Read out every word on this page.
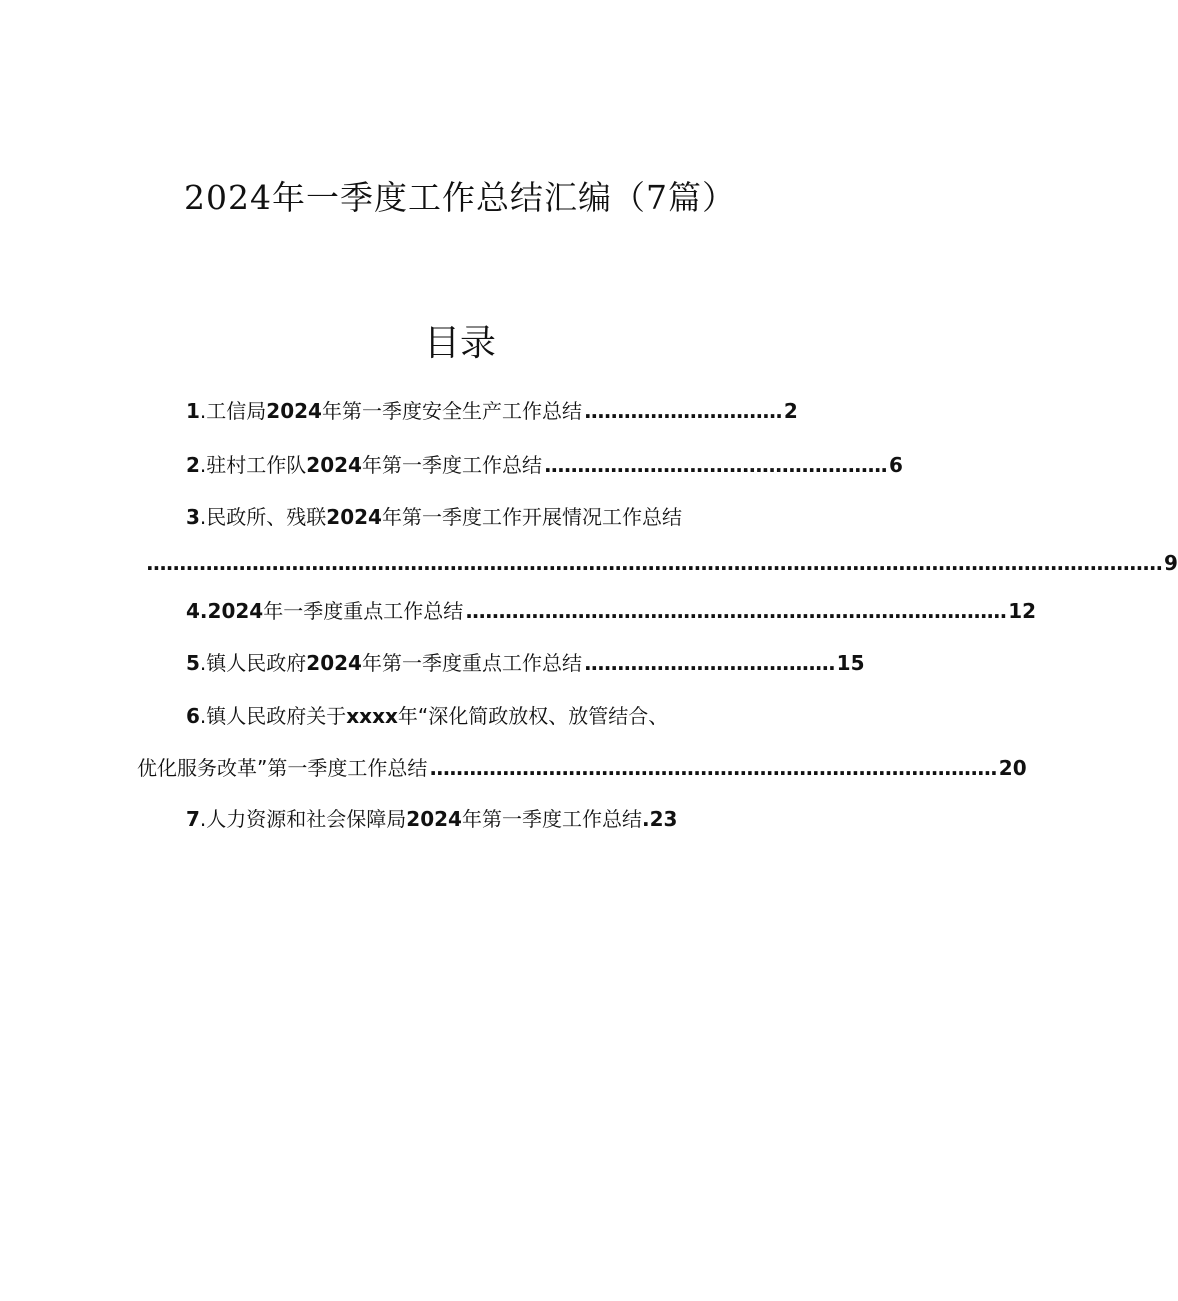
2024年一季度工作总结汇编（7篇）
目录
1 .工信局2024年第一季度安全生产工作总结 .............................. 2
2 .驻村工作队2024年第一季度工作总结 .................................................... 6
3 .民政所、残联2024年第一季度工作开展情况工作总结
.......................................................................................................................................................... 9
4 .2024年一季度重点工作总结 .................................................................................. 12
5 .镇人民政府2024年第一季度重点工作总结 ...................................... 15
6 .镇人民政府关于xxxx年“深化简政放权、放管结合、
优化服务改革”第一季度工作总结 ...................................................................................... 20
7 .人力资源和社会保障局2024年第一季度工作总结 . 23
